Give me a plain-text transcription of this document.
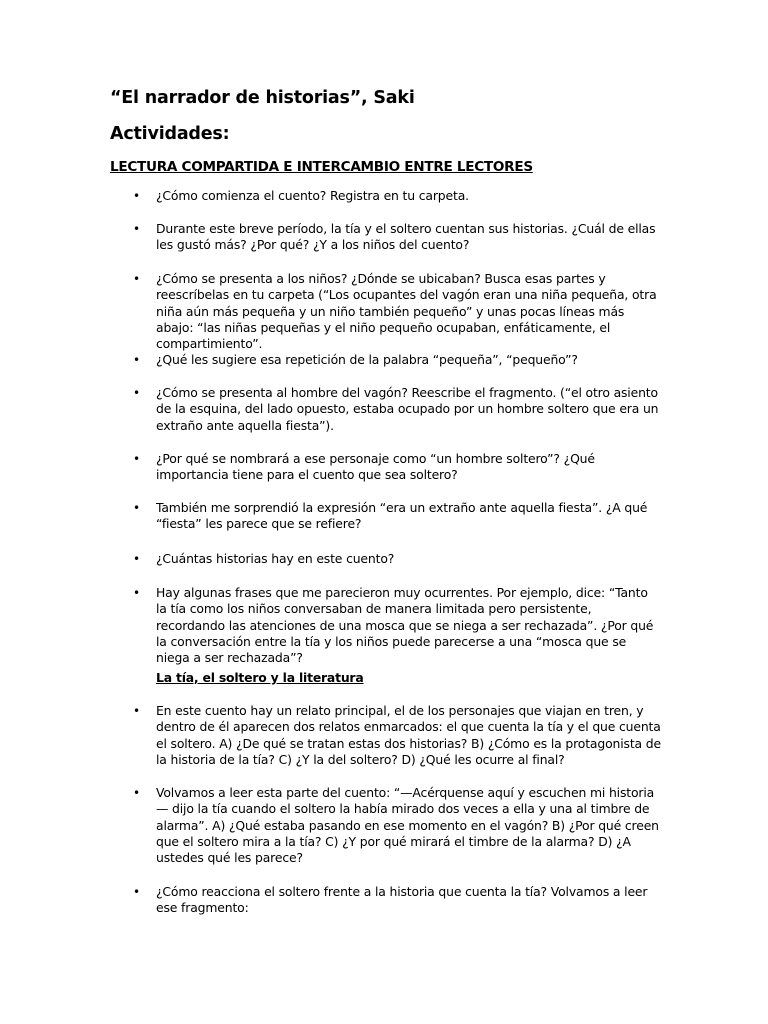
“El narrador de historias”, Saki
Actividades:
LECTURA COMPARTIDA E INTERCAMBIO ENTRE LECTORES
• ¿Cómo comienza el cuento? Registra en tu carpeta.
• Durante este breve período, la tía y el soltero cuentan sus historias. ¿Cuál de ellas les gustó más? ¿Por qué? ¿Y a los niños del cuento?
• ¿Cómo se presenta a los niños? ¿Dónde se ubicaban? Busca esas partes y reescríbelas en tu carpeta (“Los ocupantes del vagón eran una niña pequeña, otra niña aún más pequeña y un niño también pequeño” y unas pocas líneas más abajo: “las niñas pequeñas y el niño pequeño ocupaban, enfáticamente, el compartimiento”.
• ¿Qué les sugiere esa repetición de la palabra “pequeña”, “pequeño”?
• ¿Cómo se presenta al hombre del vagón? Reescribe el fragmento. (“el otro asiento de la esquina, del lado opuesto, estaba ocupado por un hombre soltero que era un extraño ante aquella fiesta”).
• ¿Por qué se nombrará a ese personaje como “un hombre soltero”? ¿Qué importancia tiene para el cuento que sea soltero?
• También me sorprendió la expresión “era un extraño ante aquella fiesta”. ¿A qué “fiesta” les parece que se refiere?
• ¿Cuántas historias hay en este cuento?
• Hay algunas frases que me parecieron muy ocurrentes. Por ejemplo, dice: “Tanto la tía como los niños conversaban de manera limitada pero persistente, recordando las atenciones de una mosca que se niega a ser rechazada”. ¿Por qué la conversación entre la tía y los niños puede parecerse a una “mosca que se niega a ser rechazada”?
La tía, el soltero y la literatura
• En este cuento hay un relato principal, el de los personajes que viajan en tren, y dentro de él aparecen dos relatos enmarcados: el que cuenta la tía y el que cuenta el soltero. A) ¿De qué se tratan estas dos historias? B) ¿Cómo es la protagonista de la historia de la tía? C) ¿Y la del soltero? D) ¿Qué les ocurre al final?
• Volvamos a leer esta parte del cuento: “—Acérquense aquí y escuchen mi historia — dijo la tía cuando el soltero la había mirado dos veces a ella y una al timbre de alarma”. A) ¿Qué estaba pasando en ese momento en el vagón? B) ¿Por qué creen que el soltero mira a la tía? C) ¿Y por qué mirará el timbre de la alarma? D) ¿A ustedes qué les parece?
• ¿Cómo reacciona el soltero frente a la historia que cuenta la tía? Volvamos a leer ese fragmento:
